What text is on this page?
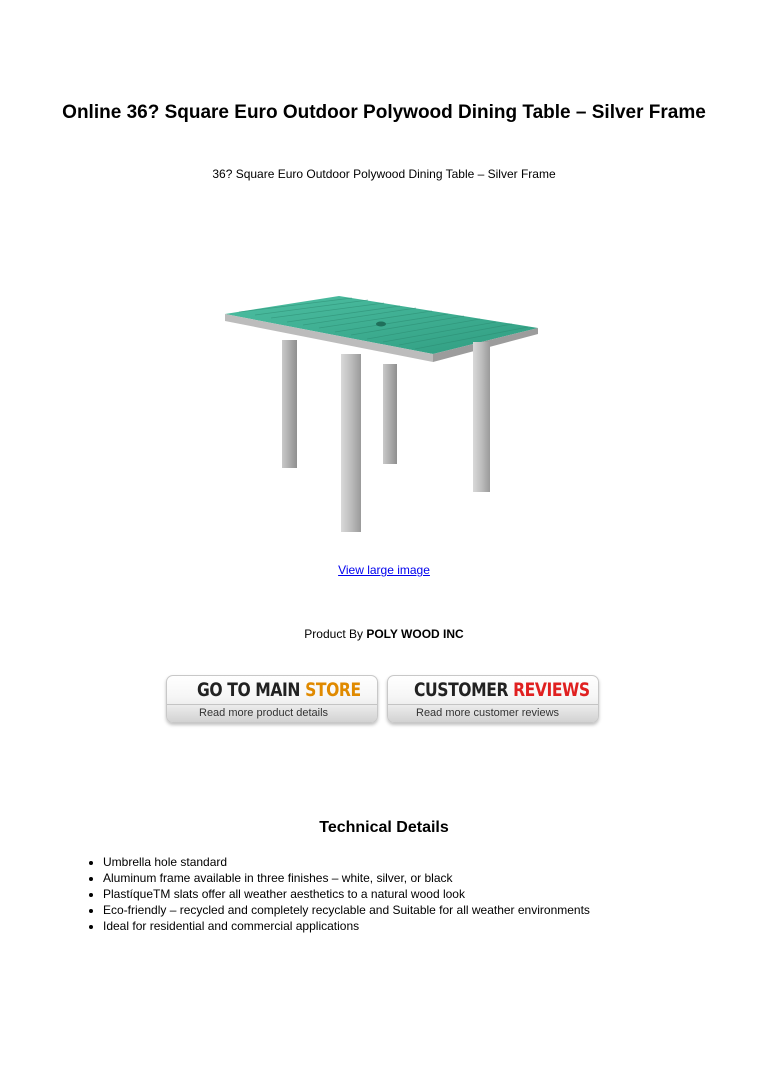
Online 36? Square Euro Outdoor Polywood Dining Table – Silver Frame
36? Square Euro Outdoor Polywood Dining Table – Silver Frame
View large image
Product By POLY WOOD INC
GO TO MAIN STORE
Read more product details
CUSTOMER REVIEWS
Read more customer reviews
Technical Details
• Umbrella hole standard
• Aluminum frame available in three finishes – white, silver, or black
• PlastíqueTM slats offer all weather aesthetics to a natural wood look
• Eco-friendly – recycled and completely recyclable and Suitable for all weather environments
• Ideal for residential and commercial applications
